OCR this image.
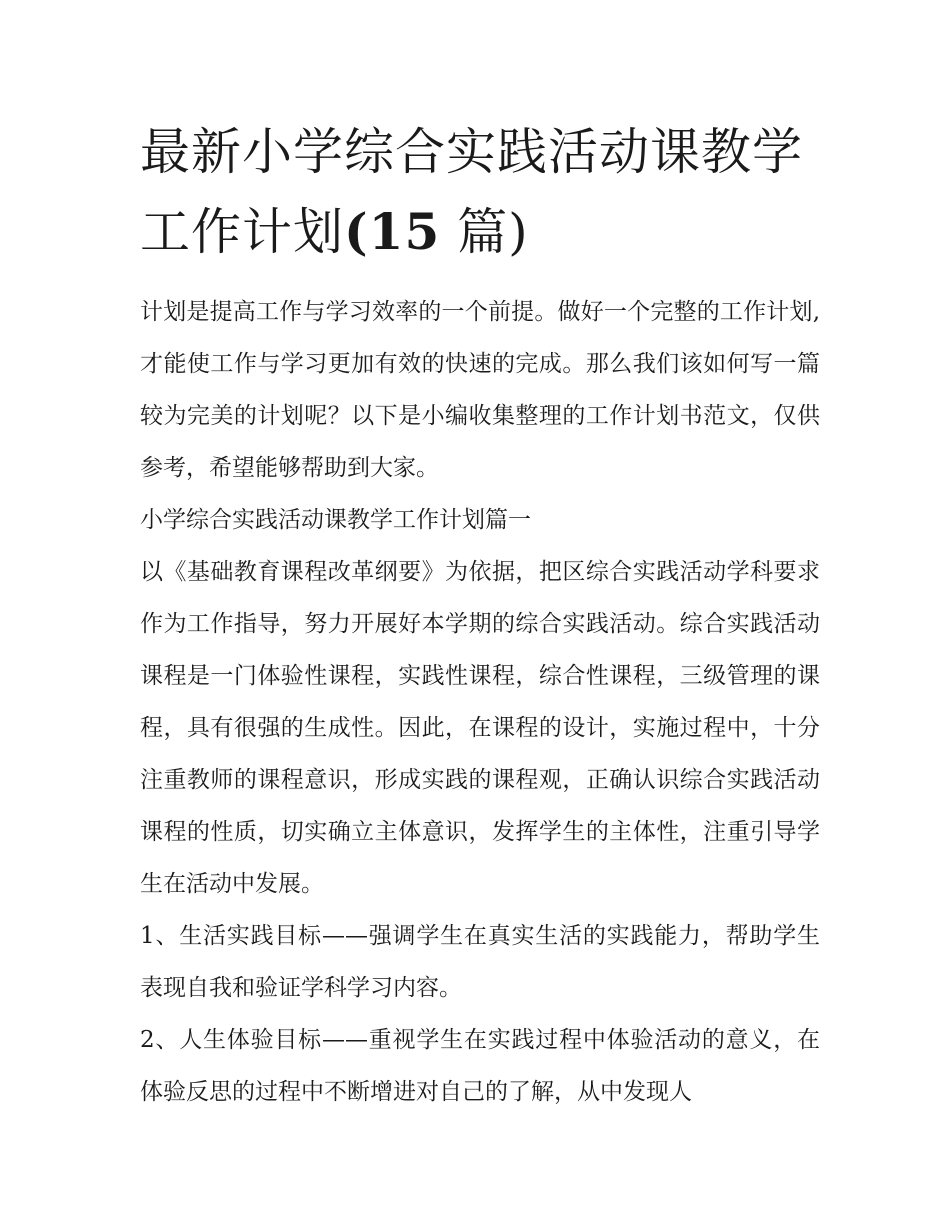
最新小学综合实践活动课教学工作计划(15 篇)

计划是提高工作与学习效率的一个前提。做好一个完整的工作计划,才能使工作与学习更加有效的快速的完成。那么我们该如何写一篇较为完美的计划呢？以下是小编收集整理的工作计划书范文，仅供参考，希望能够帮助到大家。

小学综合实践活动课教学工作计划篇一

以《基础教育课程改革纲要》为依据，把区综合实践活动学科要求作为工作指导，努力开展好本学期的综合实践活动。综合实践活动课程是一门体验性课程，实践性课程，综合性课程，三级管理的课程，具有很强的生成性。因此，在课程的设计，实施过程中，十分注重教师的课程意识，形成实践的课程观，正确认识综合实践活动课程的性质，切实确立主体意识，发挥学生的主体性，注重引导学生在活动中发展。

1、生活实践目标——强调学生在真实生活的实践能力，帮助学生表现自我和验证学科学习内容。

2、人生体验目标——重视学生在实践过程中体验活动的意义，在体验反思的过程中不断增进对自己的了解，从中发现人
